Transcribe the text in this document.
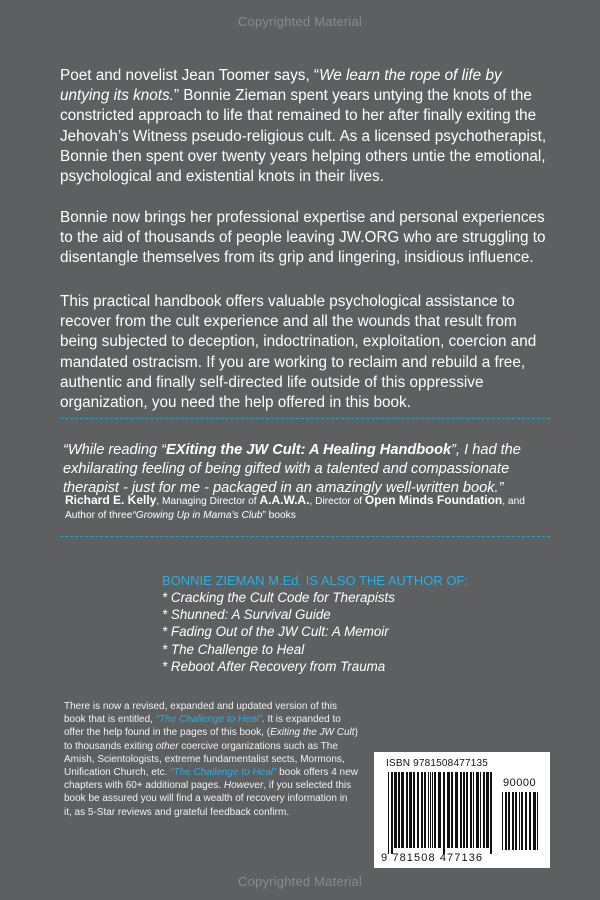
Copyrighted Material

Poet and novelist Jean Toomer says, “We learn the rope of life by untying its knots.” Bonnie Zieman spent years untying the knots of the constricted approach to life that remained to her after finally exiting the Jehovah’s Witness pseudo-religious cult. As a licensed psychotherapist, Bonnie then spent over twenty years helping others untie the emotional, psychological and existential knots in their lives.

Bonnie now brings her professional expertise and personal experiences to the aid of thousands of people leaving JW.ORG who are struggling to disentangle themselves from its grip and lingering, insidious influence.

This practical handbook offers valuable psychological assistance to recover from the cult experience and all the wounds that result from being subjected to deception, indoctrination, exploitation, coercion and mandated ostracism. If you are working to reclaim and rebuild a free, authentic and finally self-directed life outside of this oppressive organization, you need the help offered in this book.

“While reading “EXiting the JW Cult: A Healing Handbook”, I had the exhilarating feeling of being gifted with a talented and compassionate therapist - just for me - packaged in an amazingly well-written book.”
Richard E. Kelly, Managing Director of A.A.W.A., Director of Open Minds Foundation, and Author of three“Growing Up in Mama’s Club” books

BONNIE ZIEMAN M.Ed. IS ALSO THE AUTHOR OF:

* Cracking the Cult Code for Therapists
* Shunned: A Survival Guide
* Fading Out of the JW Cult: A Memoir
* The Challenge to Heal
* Reboot After Recovery from Trauma

There is now a revised, expanded and updated version of this book that is entitled, “The Challenge to Heal”. It is expanded to offer the help found in the pages of this book, (Exiting the JW Cult) to thousands exiting other coercive organizations such as The Amish, Scientologists, extreme fundamentalist sects, Mormons, Unification Church, etc. “The Challenge to Heal” book offers 4 new chapters with 60+ additional pages. However, if you selected this book be assured you will find a wealth of recovery information in it, as 5-Star reviews and grateful feedback confirm.

ISBN 9781508477135
90000
9 781508 477136
Copyrighted Material
